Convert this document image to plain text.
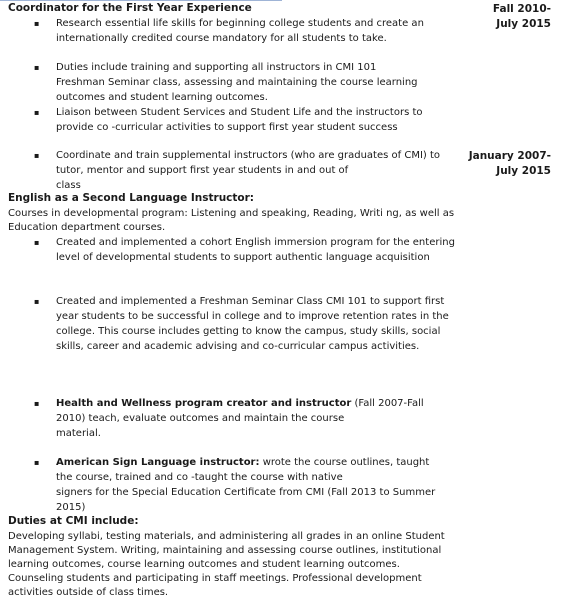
Coordinator for the First Year Experience	Fall 2010-
July 2015
▪ Research essential life skills for beginning college students and create an
internationally credited course mandatory for all students to take.
▪ Duties include training and supporting all instructors in CMI 101
Freshman Seminar class, assessing and maintaining the course learning
outcomes and student learning outcomes.
▪ Liaison between Student Services and Student Life and the instructors to
provide co -curricular activities to support first year student success
▪ Coordinate and train supplemental instructors (who are graduates of CMI) to
tutor, mentor and support first year students in and out of
class
January 2007-
July 2015
English as a Second Language Instructor:
Courses in developmental program: Listening and speaking, Reading, Writi ng, as well as
Education department courses.
▪ Created and implemented a cohort English immersion program for the entering
level of developmental students to support authentic language acquisition
▪ Created and implemented a Freshman Seminar Class CMI 101 to support first
year students to be successful in college and to improve retention rates in the
college. This course includes getting to know the campus, study skills, social
skills, career and academic advising and co-curricular campus activities.
▪ Health and Wellness program creator and instructor (Fall 2007-Fall
2010) teach, evaluate outcomes and maintain the course
material.
▪ American Sign Language instructor: wrote the course outlines, taught
the course, trained and co -taught the course with native
signers for the Special Education Certificate from CMI (Fall 2013 to Summer
2015)
Duties at CMI include:
Developing syllabi, testing materials, and administering all grades in an online Student
Management System. Writing, maintaining and assessing course outlines, institutional
learning outcomes, course learning outcomes and student learning outcomes.
Counseling students and participating in staff meetings. Professional development
activities outside of class times.
